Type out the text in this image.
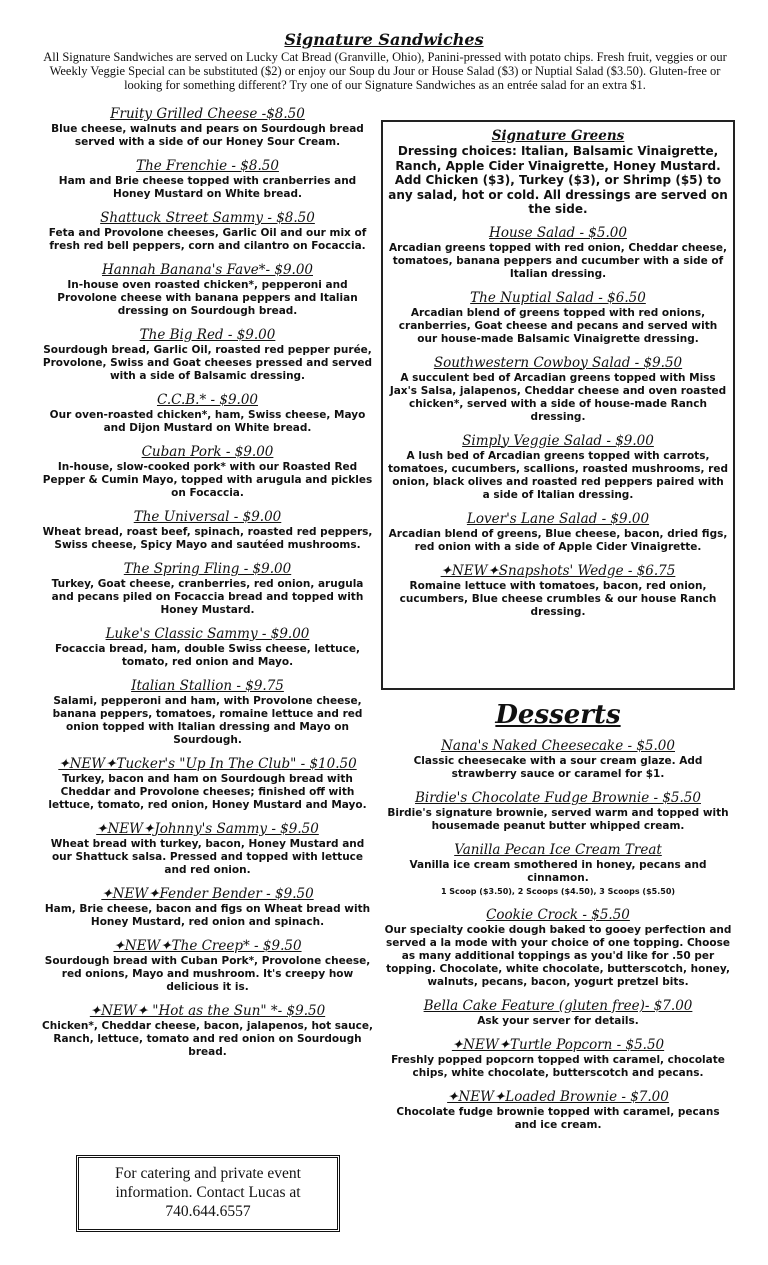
Signature Sandwiches
All Signature Sandwiches are served on Lucky Cat Bread (Granville, Ohio), Panini-pressed with potato chips. Fresh fruit, veggies or our Weekly Veggie Special can be substituted ($2) or enjoy our Soup du Jour or House Salad ($3) or Nuptial Salad ($3.50). Gluten-free or looking for something different? Try one of our Signature Sandwiches as an entrée salad for an extra $1.
Fruity Grilled Cheese -$8.50
Blue cheese, walnuts and pears on Sourdough bread served with a side of our Honey Sour Cream.
The Frenchie - $8.50
Ham and Brie cheese topped with cranberries and Honey Mustard on White bread.
Shattuck Street Sammy - $8.50
Feta and Provolone cheeses, Garlic Oil and our mix of fresh red bell peppers, corn and cilantro on Focaccia.
Hannah Banana's Fave*- $9.00
In-house oven roasted chicken*, pepperoni and Provolone cheese with banana peppers and Italian dressing on Sourdough bread.
The Big Red - $9.00
Sourdough bread, Garlic Oil, roasted red pepper purée, Provolone, Swiss and Goat cheeses pressed and served with a side of Balsamic dressing.
C.C.B.* - $9.00
Our oven-roasted chicken*, ham, Swiss cheese, Mayo and Dijon Mustard on White bread.
Cuban Pork - $9.00
In-house, slow-cooked pork* with our Roasted Red Pepper & Cumin Mayo, topped with arugula and pickles on Focaccia.
The Universal - $9.00
Wheat bread, roast beef, spinach, roasted red peppers, Swiss cheese, Spicy Mayo and sautéed mushrooms.
The Spring Fling - $9.00
Turkey, Goat cheese, cranberries, red onion, arugula and pecans piled on Focaccia bread and topped with Honey Mustard.
Luke's Classic Sammy - $9.00
Focaccia bread, ham, double Swiss cheese, lettuce, tomato, red onion and Mayo.
Italian Stallion - $9.75
Salami, pepperoni and ham, with Provolone cheese, banana peppers, tomatoes, romaine lettuce and red onion topped with Italian dressing and Mayo on Sourdough.
✦NEW✦Tucker's "Up In The Club" - $10.50
Turkey, bacon and ham on Sourdough bread with Cheddar and Provolone cheeses; finished off with lettuce, tomato, red onion, Honey Mustard and Mayo.
✦NEW✦Johnny's Sammy - $9.50
Wheat bread with turkey, bacon, Honey Mustard and our Shattuck salsa. Pressed and topped with lettuce and red onion.
✦NEW✦Fender Bender - $9.50
Ham, Brie cheese, bacon and figs on Wheat bread with Honey Mustard, red onion and spinach.
✦NEW✦The Creep* - $9.50
Sourdough bread with Cuban Pork*, Provolone cheese, red onions, Mayo and mushroom. It's creepy how delicious it is.
✦NEW✦ "Hot as the Sun" *- $9.50
Chicken*, Cheddar cheese, bacon, jalapenos, hot sauce, Ranch, lettuce, tomato and red onion on Sourdough bread.
For catering and private event information. Contact Lucas at 740.644.6557
Signature Greens
Dressing choices: Italian, Balsamic Vinaigrette, Ranch, Apple Cider Vinaigrette, Honey Mustard. Add Chicken ($3), Turkey ($3), or Shrimp ($5) to any salad, hot or cold. All dressings are served on the side.
House Salad - $5.00
Arcadian greens topped with red onion, Cheddar cheese, tomatoes, banana peppers and cucumber with a side of Italian dressing.
The Nuptial Salad - $6.50
Arcadian blend of greens topped with red onions, cranberries, Goat cheese and pecans and served with our house-made Balsamic Vinaigrette dressing.
Southwestern Cowboy Salad - $9.50
A succulent bed of Arcadian greens topped with Miss Jax's Salsa, jalapenos, Cheddar cheese and oven roasted chicken*, served with a side of house-made Ranch dressing.
Simply Veggie Salad - $9.00
A lush bed of Arcadian greens topped with carrots, tomatoes, cucumbers, scallions, roasted mushrooms, red onion, black olives and roasted red peppers paired with a side of Italian dressing.
Lover's Lane Salad - $9.00
Arcadian blend of greens, Blue cheese, bacon, dried figs, red onion with a side of Apple Cider Vinaigrette.
✦NEW✦Snapshots' Wedge - $6.75
Romaine lettuce with tomatoes, bacon, red onion, cucumbers, Blue cheese crumbles & our house Ranch dressing.
Desserts
Nana's Naked Cheesecake - $5.00
Classic cheesecake with a sour cream glaze. Add strawberry sauce or caramel for $1.
Birdie's Chocolate Fudge Brownie - $5.50
Birdie's signature brownie, served warm and topped with housemade peanut butter whipped cream.
Vanilla Pecan Ice Cream Treat
Vanilla ice cream smothered in honey, pecans and cinnamon.
1 Scoop ($3.50), 2 Scoops ($4.50), 3 Scoops ($5.50)
Cookie Crock - $5.50
Our specialty cookie dough baked to gooey perfection and served a la mode with your choice of one topping. Choose as many additional toppings as you'd like for .50 per topping. Chocolate, white chocolate, butterscotch, honey, walnuts, pecans, bacon, yogurt pretzel bits.
Bella Cake Feature (gluten free)- $7.00
Ask your server for details.
✦NEW✦Turtle Popcorn - $5.50
Freshly popped popcorn topped with caramel, chocolate chips, white chocolate, butterscotch and pecans.
✦NEW✦Loaded Brownie - $7.00
Chocolate fudge brownie topped with caramel, pecans and ice cream.
